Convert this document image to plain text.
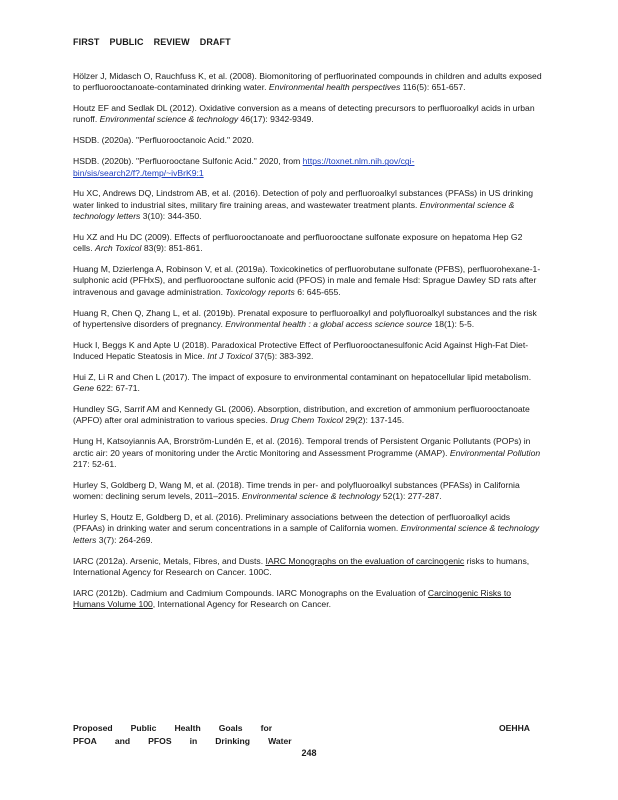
FIRST PUBLIC REVIEW DRAFT

Hölzer J, Midasch O, Rauchfuss K, et al. (2008). Biomonitoring of perfluorinated compounds in children and adults exposed to perfluorooctanoate-contaminated drinking water. Environmental health perspectives 116(5): 651-657.

Houtz EF and Sedlak DL (2012). Oxidative conversion as a means of detecting precursors to perfluoroalkyl acids in urban runoff. Environmental science & technology 46(17): 9342-9349.

HSDB. (2020a). "Perfluorooctanoic Acid." 2020.

HSDB. (2020b). "Perfluorooctane Sulfonic Acid." 2020, from https://toxnet.nlm.nih.gov/cgi-bin/sis/search2/f?./temp/~ivBrK9:1

Hu XC, Andrews DQ, Lindstrom AB, et al. (2016). Detection of poly and perfluoroalkyl substances (PFASs) in US drinking water linked to industrial sites, military fire training areas, and wastewater treatment plants. Environmental science & technology letters 3(10): 344-350.

Hu XZ and Hu DC (2009). Effects of perfluorooctanoate and perfluorooctane sulfonate exposure on hepatoma Hep G2 cells. Arch Toxicol 83(9): 851-861.

Huang M, Dzierlenga A, Robinson V, et al. (2019a). Toxicokinetics of perfluorobutane sulfonate (PFBS), perfluorohexane-1-sulphonic acid (PFHxS), and perfluorooctane sulfonic acid (PFOS) in male and female Hsd: Sprague Dawley SD rats after intravenous and gavage administration. Toxicology reports 6: 645-655.

Huang R, Chen Q, Zhang L, et al. (2019b). Prenatal exposure to perfluoroalkyl and polyfluoroalkyl substances and the risk of hypertensive disorders of pregnancy. Environmental health : a global access science source 18(1): 5-5.

Huck I, Beggs K and Apte U (2018). Paradoxical Protective Effect of Perfluorooctanesulfonic Acid Against High-Fat Diet-Induced Hepatic Steatosis in Mice. Int J Toxicol 37(5): 383-392.

Hui Z, Li R and Chen L (2017). The impact of exposure to environmental contaminant on hepatocellular lipid metabolism. Gene 622: 67-71.

Hundley SG, Sarrif AM and Kennedy GL (2006). Absorption, distribution, and excretion of ammonium perfluorooctanoate (APFO) after oral administration to various species. Drug Chem Toxicol 29(2): 137-145.

Hung H, Katsoyiannis AA, Brorström-Lundén E, et al. (2016). Temporal trends of Persistent Organic Pollutants (POPs) in arctic air: 20 years of monitoring under the Arctic Monitoring and Assessment Programme (AMAP). Environmental Pollution 217: 52-61.

Hurley S, Goldberg D, Wang M, et al. (2018). Time trends in per- and polyfluoroalkyl substances (PFASs) in California women: declining serum levels, 2011–2015. Environmental science & technology 52(1): 277-287.

Hurley S, Houtz E, Goldberg D, et al. (2016). Preliminary associations between the detection of perfluoroalkyl acids (PFAAs) in drinking water and serum concentrations in a sample of California women. Environmental science & technology letters 3(7): 264-269.

IARC (2012a). Arsenic, Metals, Fibres, and Dusts. IARC Monographs on the evaluation of carcinogenic risks to humans, International Agency for Research on Cancer. 100C.

IARC (2012b). Cadmium and Cadmium Compounds. IARC Monographs on the Evaluation of Carcinogenic Risks to Humans Volume 100, International Agency for Research on Cancer.

Proposed Public Health Goals for
PFOA and PFOS in Drinking Water
OEHHA
248
